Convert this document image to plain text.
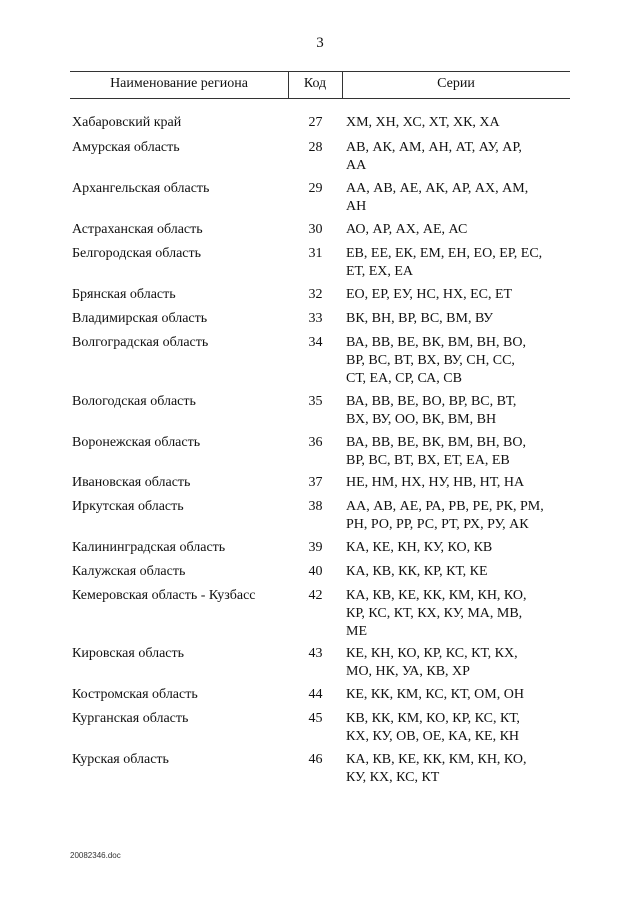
3
Наименование региона	Код	Серии
Хабаровский край	27	ХМ, ХН, ХС, ХТ, ХК, ХА
Амурская область	28	АВ, АК, АМ, АН, АТ, АУ, АР,
АА
Архангельская область	29	АА, АВ, АЕ, АК, АР, АХ, АМ,
АН
Астраханская область	30	АО, АР, АХ, АЕ, АС
Белгородская область	31	ЕВ, ЕЕ, ЕК, ЕМ, ЕН, ЕО, ЕР, ЕС,
ЕТ, ЕХ, ЕА
Брянская область	32	ЕО, ЕР, ЕУ, НС, НХ, ЕС, ЕТ
Владимирская область	33	ВК, ВН, ВР, ВС, ВМ, ВУ
Волгоградская область	34	ВА, ВВ, ВЕ, ВК, ВМ, ВН, ВО,
ВР, ВС, ВТ, ВХ, ВУ, СН, СС,
СТ, ЕА, СР, СА, СВ
Вологодская область	35	ВА, ВВ, ВЕ, ВО, ВР, ВС, ВТ,
ВХ, ВУ, ОО, ВК, ВМ, ВН
Воронежская область	36	ВА, ВВ, ВЕ, ВК, ВМ, ВН, ВО,
ВР, ВС, ВТ, ВХ, ЕТ, ЕА, ЕВ
Ивановская область	37	НЕ, НМ, НХ, НУ, НВ, НТ, НА
Иркутская область	38	АА, АВ, АЕ, РА, РВ, РЕ, РК, РМ,
РН, РО, РР, РС, РТ, РХ, РУ, АК
Калининградская область	39	КА, КЕ, КН, КУ, КО, КВ
Калужская область	40	КА, КВ, КК, КР, КТ, КЕ
Кемеровская область - Кузбасс	42	КА, КВ, КЕ, КК, КМ, КН, КО,
КР, КС, КТ, КХ, КУ, МА, МВ,
МЕ
Кировская область	43	КЕ, КН, КО, КР, КС, КТ, КХ,
МО, НК, УА, КВ, ХР
Костромская область	44	КЕ, КК, КМ, КС, КТ, ОМ, ОН
Курганская область	45	КВ, КК, КМ, КО, КР, КС, КТ,
КХ, КУ, ОВ, ОЕ, КА, КЕ, КН
Курская область	46	КА, КВ, КЕ, КК, КМ, КН, КО,
КУ, КХ, КС, КТ
20082346.doc
